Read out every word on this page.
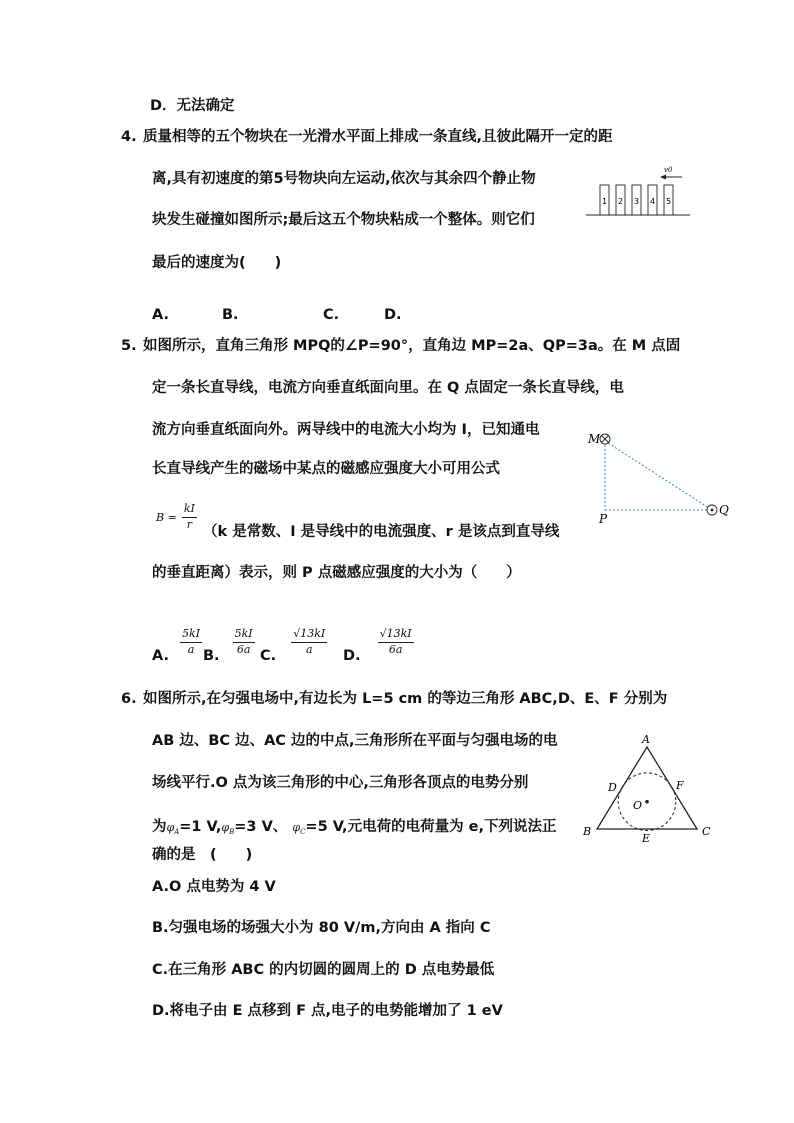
D．无法确定
4. 质量相等的五个物块在一光滑水平面上排成一条直线,且彼此隔开一定的距
离,具有初速度的第5号物块向左运动,依次与其余四个静止物
块发生碰撞如图所示;最后这五个物块粘成一个整体。则它们
最后的速度为(　　)
A.	B.	C.	D.
1 2 3 4 5
v0
5. 如图所示，直角三角形 MPQ的∠P=90°，直角边 MP=2a、QP=3a。在 M 点固
定一条长直导线，电流方向垂直纸面向里。在 Q 点固定一条长直导线，电
流方向垂直纸面向外。两导线中的电流大小均为 I，已知通电
长直导线产生的磁场中某点的磁感应强度大小可用公式
$B = \frac{kI}{r}$
（k 是常数、I 是导线中的电流强度、r 是该点到直导线
的垂直距离）表示，则 P 点磁感应强度的大小为（　　）
A. $\frac{5kI}{a} B$. $\frac{5kI}{6a} C$. $\frac{√13kI}{a} D$. $\frac{√13kI}{6a}$
M
P
Q
6. 如图所示,在匀强电场中,有边长为 L=5 cm 的等边三角形 ABC,D、E、F 分别为
AB 边、BC 边、AC 边的中点,三角形所在平面与匀强电场的电
场线平行.O 点为该三角形的中心,三角形各顶点的电势分别
为$\varphi_A=1$ $V,\varphi_B=3$ V、 $\varphi_C=5$ V,元电荷的电荷量为 e,下列说法正
确的是　(　　)
A.O 点电势为 4 V
B.匀强电场的场强大小为 80 V/m,方向由 A 指向 C
C.在三角形 ABC 的内切圆的圆周上的 D 点电势最低
D.将电子由 E 点移到 F 点,电子的电势能增加了 1 eV
A
B	C
D
E
F
O
